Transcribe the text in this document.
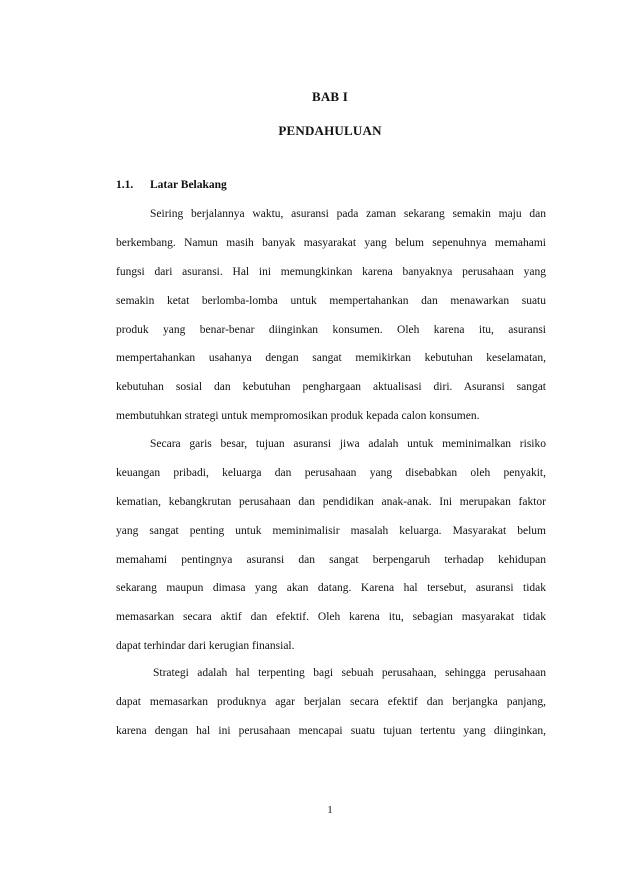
BAB I
PENDAHULUAN
1.1. Latar Belakang
Seiring berjalannya waktu, asuransi pada zaman sekarang semakin maju dan
berkembang. Namun masih banyak masyarakat yang belum sepenuhnya memahami
fungsi dari asuransi. Hal ini memungkinkan karena banyaknya perusahaan yang
semakin ketat berlomba-lomba untuk mempertahankan dan menawarkan suatu
produk yang benar-benar diinginkan konsumen. Oleh karena itu, asuransi
mempertahankan usahanya dengan sangat memikirkan kebutuhan keselamatan,
kebutuhan sosial dan kebutuhan penghargaan aktualisasi diri. Asuransi sangat
membutuhkan strategi untuk mempromosikan produk kepada calon konsumen.
Secara garis besar, tujuan asuransi jiwa adalah untuk meminimalkan risiko
keuangan pribadi, keluarga dan perusahaan yang disebabkan oleh penyakit,
kematian, kebangkrutan perusahaan dan pendidikan anak-anak. Ini merupakan faktor
yang sangat penting untuk meminimalisir masalah keluarga. Masyarakat belum
memahami pentingnya asuransi dan sangat berpengaruh terhadap kehidupan
sekarang maupun dimasa yang akan datang. Karena hal tersebut, asuransi tidak
memasarkan secara aktif dan efektif. Oleh karena itu, sebagian masyarakat tidak
dapat terhindar dari kerugian finansial.
Strategi adalah hal terpenting bagi sebuah perusahaan, sehingga perusahaan
dapat memasarkan produknya agar berjalan secara efektif dan berjangka panjang,
karena dengan hal ini perusahaan mencapai suatu tujuan tertentu yang diinginkan,
1
